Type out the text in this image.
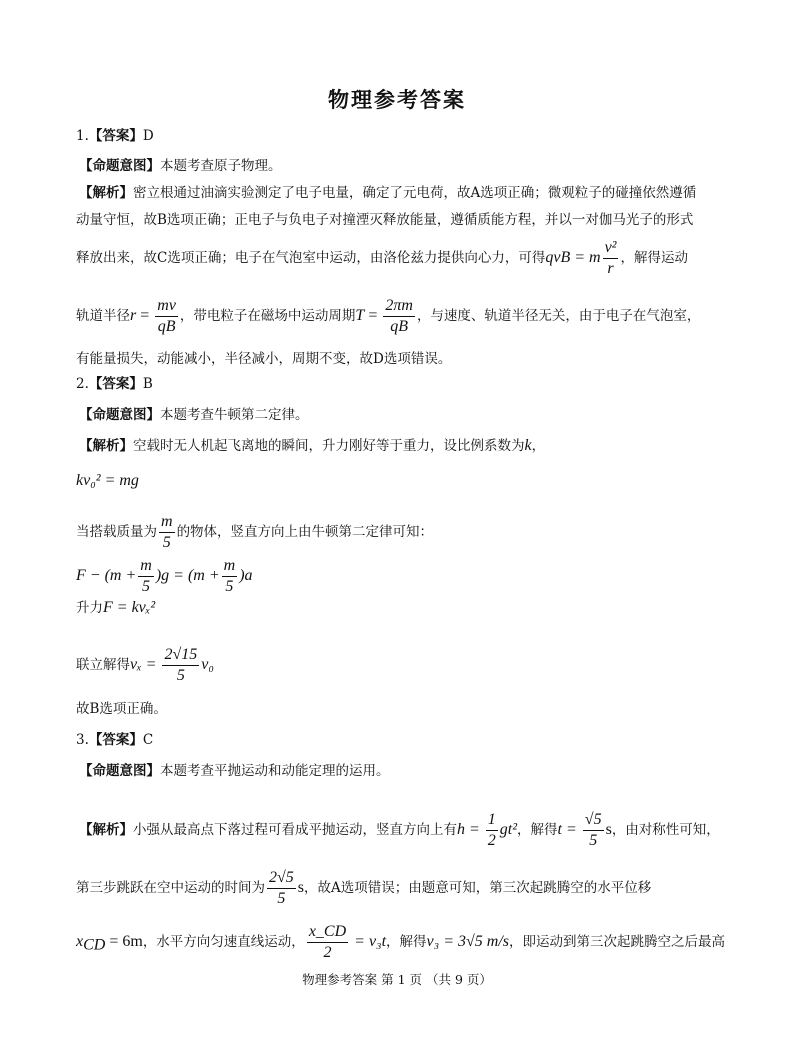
物理参考答案
1.【答案】D
【命题意图】本题考查原子物理。
【解析】密立根通过油滴实验测定了电子电量，确定了元电荷，故A选项正确；微观粒子的碰撞依然遵循
动量守恒，故B选项正确；正电子与负电子对撞湮灭释放能量，遵循质能方程，并以一对伽马光子的形式
释放出来，故C选项正确；电子在气泡室中运动，由洛伦兹力提供向心力，可得qvB = m $\frac{\text{v²}}{r}$ ，解得运动
轨道半径$r = \frac{mv}{qB}$ ，带电粒子在磁场中运动周期$T = \frac{2\pi m}{qB}$ ，与速度、轨道半径无关，由于电子在气泡室，
有能量损失，动能减小，半径减小，周期不变，故D选项错误。
2.【答案】B
【命题意图】本题考查牛顿第二定律。
【解析】空载时无人机起飞离地的瞬间，升力刚好等于重力，设比例系数为k，
kv₀² = mg
当搭载质量为 $\frac{m}{5}$ 的物体，竖直方向上由牛顿第二定律可知：
$F - (m + \frac{m}{5} )g = (m + \frac{m}{5} )a$
升力F = kvₓ²
联立解得$v_x = \frac{2√15}{5} v_0$
故B选项正确。
3.【答案】C
【命题意图】本题考查平抛运动和动能定理的运用。
【解析】小强从最高点下落过程可看成平抛运动，竖直方向上有$h = \frac{1}{2} gt^2$，解得$t = \frac{√5}{5}$ s，由对称性可知，
第三步跳跃在空中运动的时间为 $\frac{2√5}{5}$ s，故A选项错误；由题意可知，第三次起跳腾空的水平位移
$x_{CD} = 6m$，水平方向匀速直线运动， $\frac{x\_CD}{2} = v_3t$，解得v₃ = 3√5 m/s，即运动到第三次起跳腾空之后最高
物理参考答案 第 1 页 （共 9 页）
